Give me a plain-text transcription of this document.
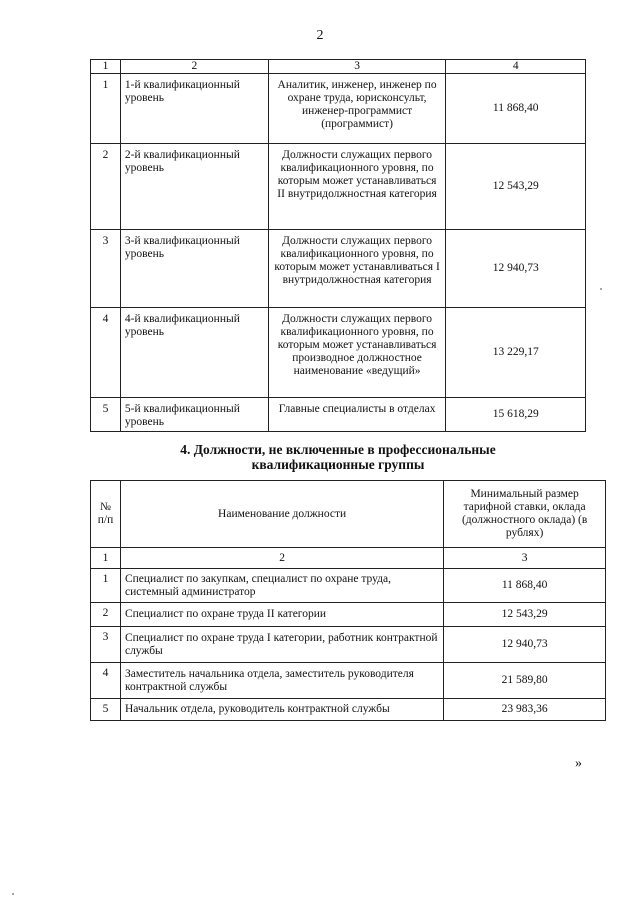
2
1	2	3	4
1	1-й квалификационный уровень	Аналитик, инженер, инженер по охране труда, юрисконсульт, инженер-программист (программист)	11 868,40
2	2-й квалификационный уровень	Должности служащих первого квалификационного уровня, по которым может устанавливаться II внутридолжностная категория	12 543,29
3	3-й квалификационный уровень	Должности служащих первого квалификационного уровня, по которым может устанавливаться I внутридолжностная категория	12 940,73
4	4-й квалификационный уровень	Должности служащих первого квалификационного уровня, по которым может устанавливаться производное должностное наименование «ведущий»	13 229,17
5	5-й квалификационный уровень	Главные специалисты в отделах	15 618,29
4. Должности, не включенные в профессиональные
квалификационные группы
№ п/п	Наименование должности	Минимальный размер тарифной ставки, оклада (должностного оклада) (в рублях)
1	2	3
1	Специалист по закупкам, специалист по охране труда, системный администратор	11 868,40
2	Специалист по охране труда II категории	12 543,29
3	Специалист по охране труда I категории, работник контрактной службы	12 940,73
4	Заместитель начальника отдела, заместитель руководителя контрактной службы	21 589,80
5	Начальник отдела, руководитель контрактной службы	23 983,36
»
